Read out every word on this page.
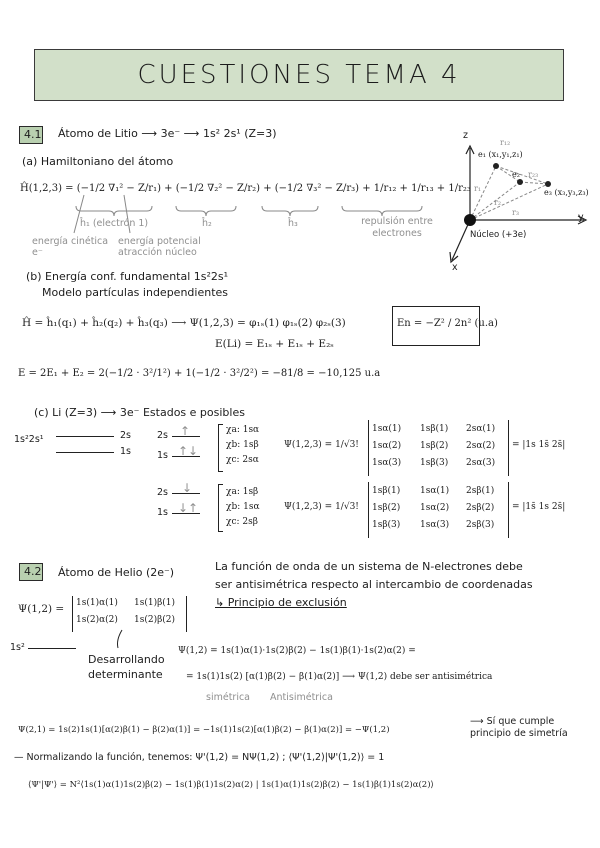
CUESTIONES TEMA 4
4.1 Átomo de Litio ⟶ 3e⁻ ⟶ 1s² 2s¹ (Z=3)
(a) Hamiltoniano del átomo
Ĥ(1,2,3) = (−1/2 ∇₁² − Z/r₁) + (−1/2 ∇₂² − Z/r₂) + (−1/2 ∇₃² − Z/r₃) + 1/r₁₂ + 1/r₁₃ + 1/r₂₃
ĥ₁ (electrón 1)	ĥ₂	ĥ₃	repulsión entre electrones
energía cinética e⁻
energía potencial atracción núcleo
(b) Energía conf. fundamental 1s²2s¹
Modelo partículas independientes
Ĥ = ĥ₁(q₁) + ĥ₂(q₂) + ĥ₃(q₃) ⟶ Ψ(1,2,3) = φ₁ₛ(1) φ₁ₛ(2) φ₂ₛ(3)	En = −Z² / 2n² (u.a)
E(Li) = E₁ₛ + E₁ₛ + E₂ₛ
E = 2E₁ + E₂ = 2(−1/2 · 3²/1²) + 1(−1/2 · 3²/2²) = −81/8 = −10,125 u.a
(c) Li (Z=3) ⟶ 3e⁻ Estados e posibles
1s²2s¹	2s
1s
2s
1s
↑
↑↓
χa: 1sα
χb: 1sβ
χc: 2sα
Ψ(1,2,3) = 1/√3!
1sα(1) 1sβ(1) 2sα(1)
1sα(2) 1sβ(2) 2sα(2)
1sα(3) 1sβ(3) 2sα(3)
= |1s 1s̄ 2s̄|
2s
1s
↓
↓↑
χa: 1sβ
χb: 1sα
χc: 2sβ
Ψ(1,2,3) = 1/√3!
1sβ(1) 1sα(1) 2sβ(1)
1sβ(2) 1sα(2) 2sβ(2)
1sβ(3) 1sα(3) 2sβ(3)
= |1s̄ 1s 2s̄|
z
y
x
e₁ (x₁,y₁,z₁)
e₂
e₃ (x₃,y₃,z₃)
r₁₂
r₂₃
r₁
r₂
r₃
Núcleo (+3e)
4.2 Átomo de Helio (2e⁻)	La función de onda de un sistema de N-electrones debe
ser antisimétrica respecto al intercambio de coordenadas
↳ Principio de exclusión
Ψ(1,2) = 1s(1)α(1) 1s(1)β(1)
1s(2)α(2) 1s(2)β(2)
1s²
Desarrollando determinante
Ψ(1,2) = 1s(1)α(1)·1s(2)β(2) − 1s(1)β(1)·1s(2)α(2) =
= 1s(1)1s(2) [α(1)β(2) − β(1)α(2)] ⟶ Ψ(1,2) debe ser antisimétrica
simétrica Antisimétrica
Ψ(2,1) = 1s(2)1s(1)[α(2)β(1) − β(2)α(1)] = −1s(1)1s(2)[α(1)β(2) − β(1)α(2)] = −Ψ(1,2)
⟶ Sí que cumple principio de simetría
— Normalizando la función, tenemos: Ψ'(1,2) = NΨ(1,2) ; ⟨Ψ'(1,2)|Ψ'(1,2)⟩ = 1
⟨Ψ'|Ψ'⟩ = N²⟨1s(1)α(1)1s(2)β(2) − 1s(1)β(1)1s(2)α(2) | 1s(1)α(1)1s(2)β(2) − 1s(1)β(1)1s(2)α(2)⟩
